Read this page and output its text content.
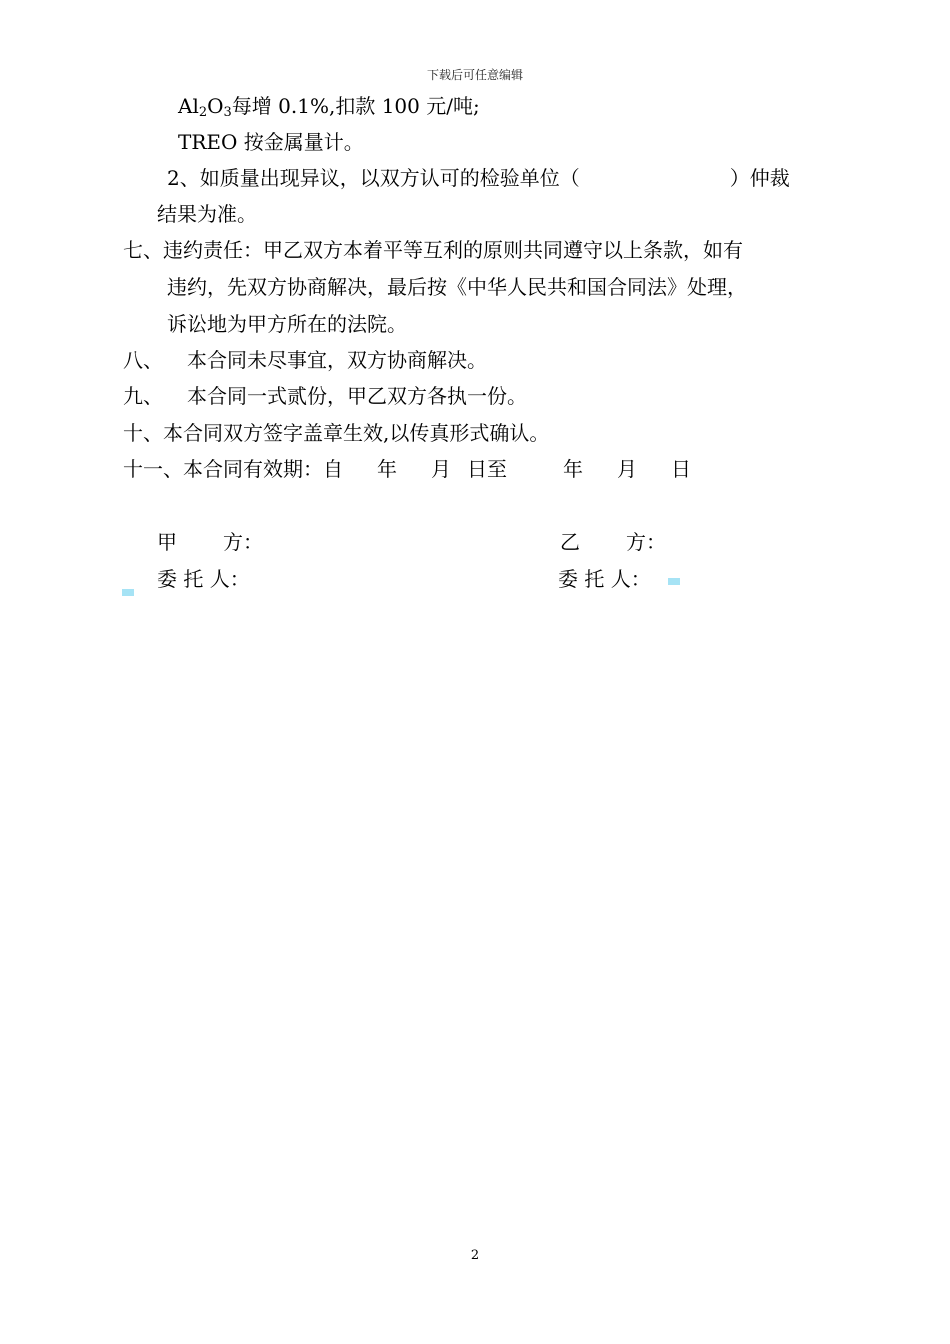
下载后可任意编辑
$Al_2O_3$每增 0.1%,扣款 100 元/吨;
TREO 按金属量计。
2、如质量出现异议，以双方认可的检验单位（	）仲裁
结果为准。
七、违约责任：甲乙双方本着平等互利的原则共同遵守以上条款，如有
违约，先双方协商解决，最后按《中华人民共和国合同法》处理，
诉讼地为甲方所在的法院。
八、 本合同未尽事宜，双方协商解决。
九、 本合同一式贰份，甲乙双方各执一份。
十、本合同双方签字盖章生效,以传真形式确认。
十一、本合同有效期：自 年 月 日至	年 月 日
甲 方：	乙 方：
委 托 人：	委 托 人：
2
